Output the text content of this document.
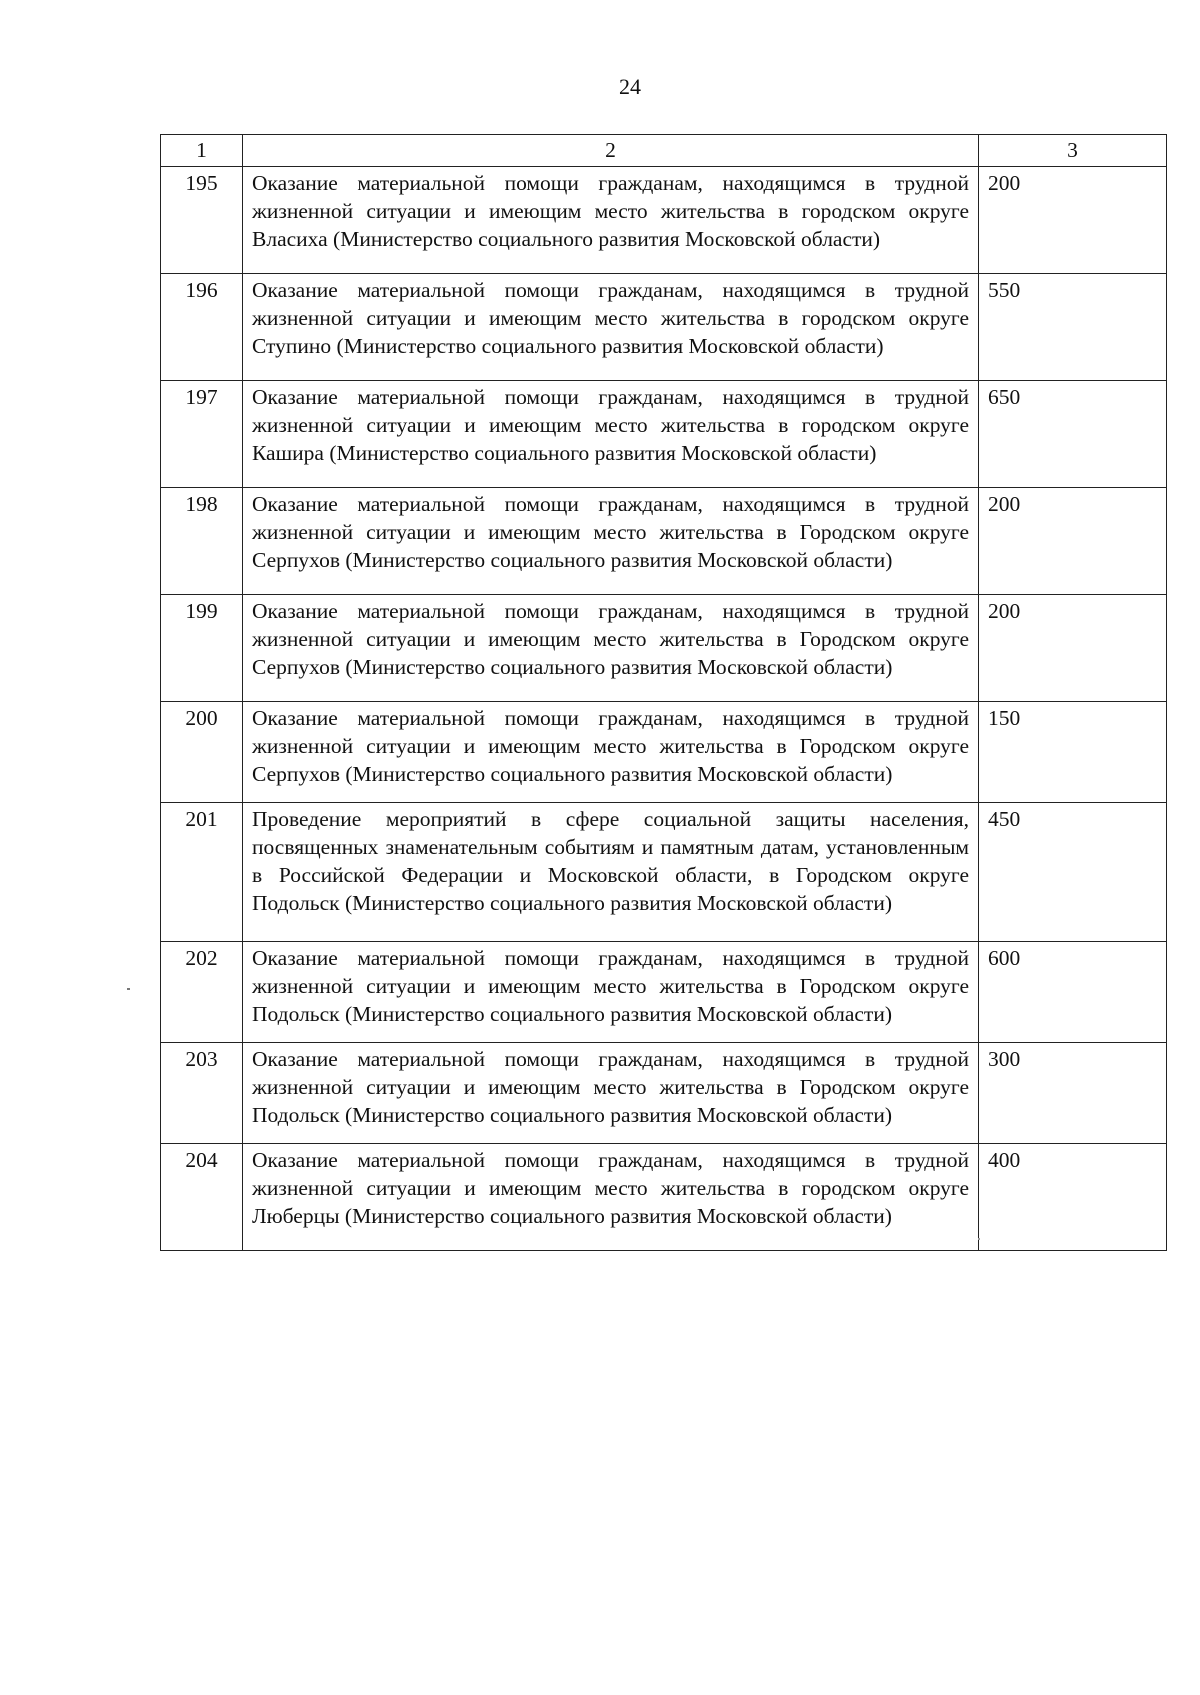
24
1	2	3
195	Оказание материальной помощи гражданам, находящимся в трудной жизненной ситуации и имеющим место жительства в городском округе Власиха (Министерство социального развития Московской области)	200
196	Оказание материальной помощи гражданам, находящимся в трудной жизненной ситуации и имеющим место жительства в городском округе Ступино (Министерство социального развития Московской области)	550
197	Оказание материальной помощи гражданам, находящимся в трудной жизненной ситуации и имеющим место жительства в городском округе Кашира (Министерство социального развития Московской области)	650
198	Оказание материальной помощи гражданам, находящимся в трудной жизненной ситуации и имеющим место жительства в Городском округе Серпухов (Министерство социального развития Московской области)	200
199	Оказание материальной помощи гражданам, находящимся в трудной жизненной ситуации и имеющим место жительства в Городском округе Серпухов (Министерство социального развития Московской области)	200
200	Оказание материальной помощи гражданам, находящимся в трудной жизненной ситуации и имеющим место жительства в Городском округе Серпухов (Министерство социального развития Московской области)	150
201	Проведение мероприятий в сфере социальной защиты населения, посвященных знаменательным событиям и памятным датам, установленным в Российской Федерации и Московской области, в Городском округе Подольск (Министерство социального развития Московской области)	450
202	Оказание материальной помощи гражданам, находящимся в трудной жизненной ситуации и имеющим место жительства в Городском округе Подольск (Министерство социального развития Московской области)	600
203	Оказание материальной помощи гражданам, находящимся в трудной жизненной ситуации и имеющим место жительства в Городском округе Подольск (Министерство социального развития Московской области)	300
204	Оказание материальной помощи гражданам, находящимся в трудной жизненной ситуации и имеющим место жительства в городском округе Люберцы (Министерство социального развития Московской области)	400
